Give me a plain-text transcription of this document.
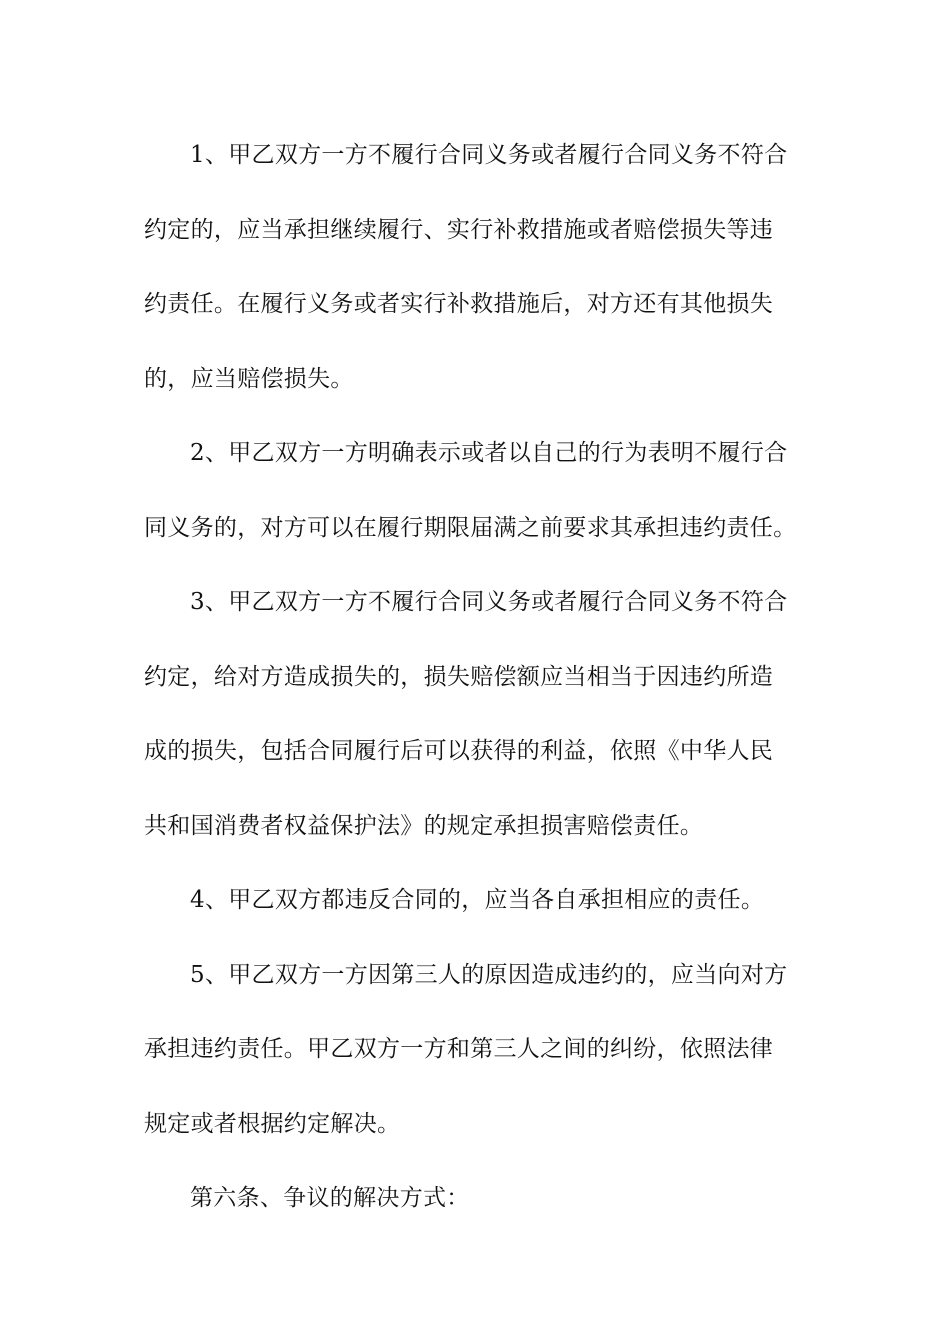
1、甲乙双方一方不履行合同义务或者履行合同义务不符合
约定的，应当承担继续履行、实行补救措施或者赔偿损失等违
约责任。在履行义务或者实行补救措施后，对方还有其他损失
的，应当赔偿损失。

2、甲乙双方一方明确表示或者以自己的行为表明不履行合
同义务的，对方可以在履行期限届满之前要求其承担违约责任。

3、甲乙双方一方不履行合同义务或者履行合同义务不符合
约定，给对方造成损失的，损失赔偿额应当相当于因违约所造
成的损失，包括合同履行后可以获得的利益，依照《中华人民
共和国消费者权益保护法》的规定承担损害赔偿责任。

4、甲乙双方都违反合同的，应当各自承担相应的责任。

5、甲乙双方一方因第三人的原因造成违约的，应当向对方
承担违约责任。甲乙双方一方和第三人之间的纠纷，依照法律
规定或者根据约定解决。

第六条、争议的解决方式：
